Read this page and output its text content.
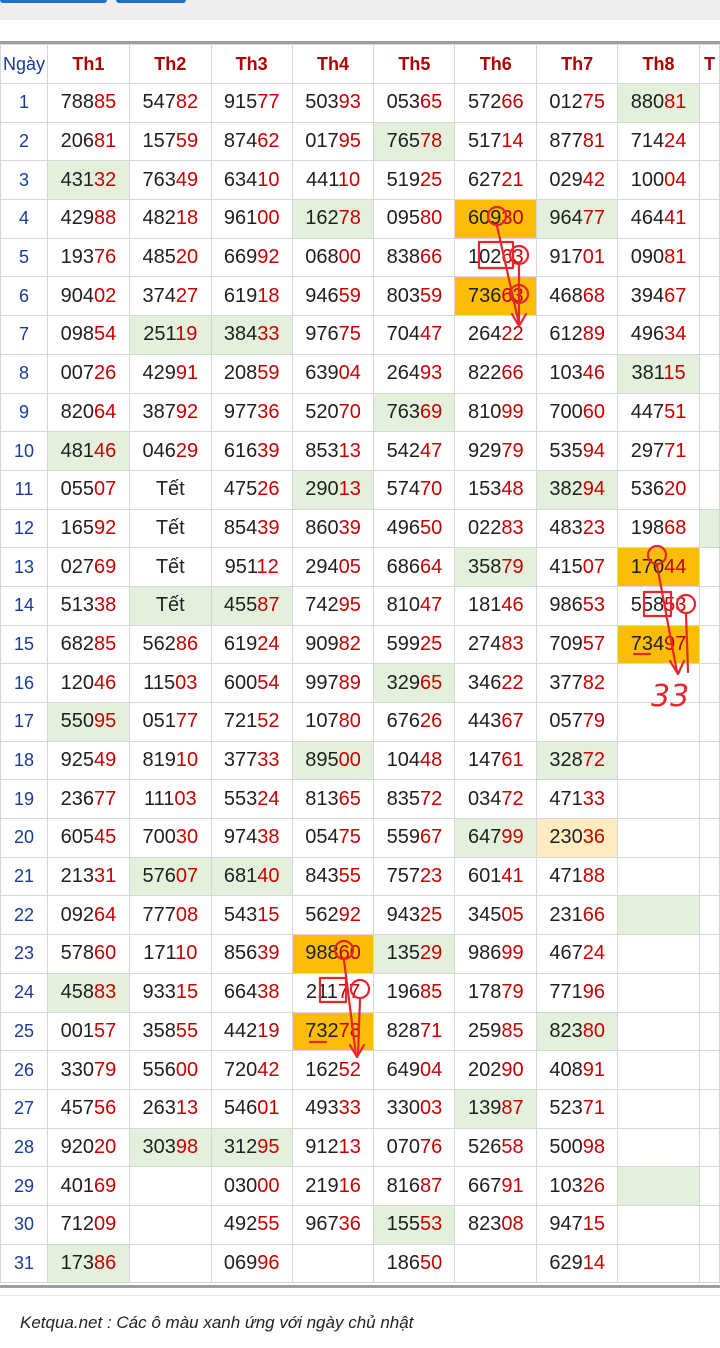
Ngày	Th1	Th2	Th3	Th4	Th5	Th6	Th7	Th8	T
1	78885	54782	91577	50393	05365	57266	01275	88081	
2	20681	15759	87462	01795	76578	51714	87781	71424	
3	43132	76349	63410	44110	51925	62721	02942	10004	
4	42988	48218	96100	16278	09580	60930	96477	46441	
5	19376	48520	66992	06800	83866	10263	91701	09081	
6	90402	37427	61918	94659	80359	73663	46868	39467	
7	09854	25119	38433	97675	70447	26422	61289	49634	
8	00726	42991	20859	63904	26493	82266	10346	38115	
9	82064	38792	97736	52070	76369	81099	70060	44751	
10	48146	04629	61639	85313	54247	92979	53594	29771	
11	05507	Tết	47526	29013	57470	15348	38294	53620	
12	16592	Tết	85439	86039	49650	02283	48323	19868	
13	02769	Tết	95112	29405	68664	35879	41507	17044	
14	51338	Tết	45587	74295	81047	18146	98653	55853	
15	68285	56286	61924	90982	59925	27483	70957	73497	
16	12046	11503	60054	99789	32965	34622	37782		
17	55095	05177	72152	10780	67626	44367	05779		
18	92549	81910	37733	89500	10448	14761	32872		
19	23677	11103	55324	81365	83572	03472	47133		
20	60545	70030	97438	05475	55967	64799	23036		
21	21331	57607	68140	84355	75723	60141	47188		
22	09264	77708	54315	56292	94325	34505	23166		
23	57860	17110	85639	98860	13529	98699	46724		
24	45883	93315	66438	21177	19685	17879	77196		
25	00157	35855	44219	73278	82871	25985	82380		
26	33079	55600	72042	16252	64904	20290	40891		
27	45756	26313	54601	49333	33003	13987	52371		
28	92020	30398	31295	91213	07076	52658	50098		
29	40169		03000	21916	81687	66791	10326		
30	71209		49255	96736	15553	82308	94715		
31	17386		06996		18650		62914		
33
Ketqua.net : Các ô màu xanh ứng với ngày chủ nhật
